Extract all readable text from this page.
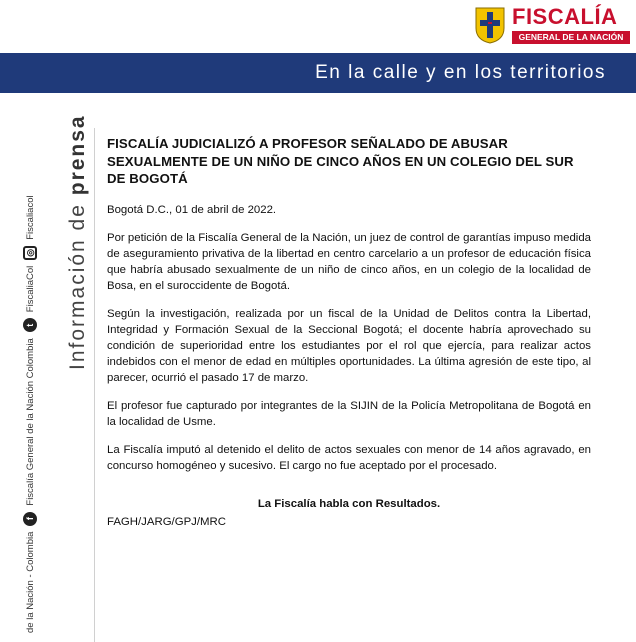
FISCALÍA
GENERAL DE LA NACIÓN
En la calle y en los territorios
de la Nación - Colombia
f
Fiscalía General de la Nación Colombia
t
FiscaliaCol
◎
Fiscaliacol Información de prensa FISCALÍA JUDICIALIZÓ A PROFESOR SEÑALADO DE ABUSAR SEXUALMENTE DE UN NIÑO DE CINCO AÑOS EN UN COLEGIO DEL SUR DE BOGOTÁ

Bogotá D.C., 01 de abril de 2022.

Por petición de la Fiscalía General de la Nación, un juez de control de garantías impuso medida de aseguramiento privativa de la libertad en centro carcelario a un profesor de educación física que habría abusado sexualmente de un niño de cinco años, en un colegio de la localidad de Bosa, en el suroccidente de Bogotá.

Según la investigación, realizada por un fiscal de la Unidad de Delitos contra la Libertad, Integridad y Formación Sexual de la Seccional Bogotá; el docente habría aprovechado su condición de superioridad entre los estudiantes por el rol que ejercía, para realizar actos indebidos con el menor de edad en múltiples oportunidades. La última agresión de este tipo, al parecer, ocurrió el pasado 17 de marzo.

El profesor fue capturado por integrantes de la SIJIN de la Policía Metropolitana de Bogotá en la localidad de Usme.

La Fiscalía imputó al detenido el delito de actos sexuales con menor de 14 años agravado, en concurso homogéneo y sucesivo. El cargo no fue aceptado por el procesado.

La Fiscalía habla con Resultados.

FAGH/JARG/GPJ/MRC
